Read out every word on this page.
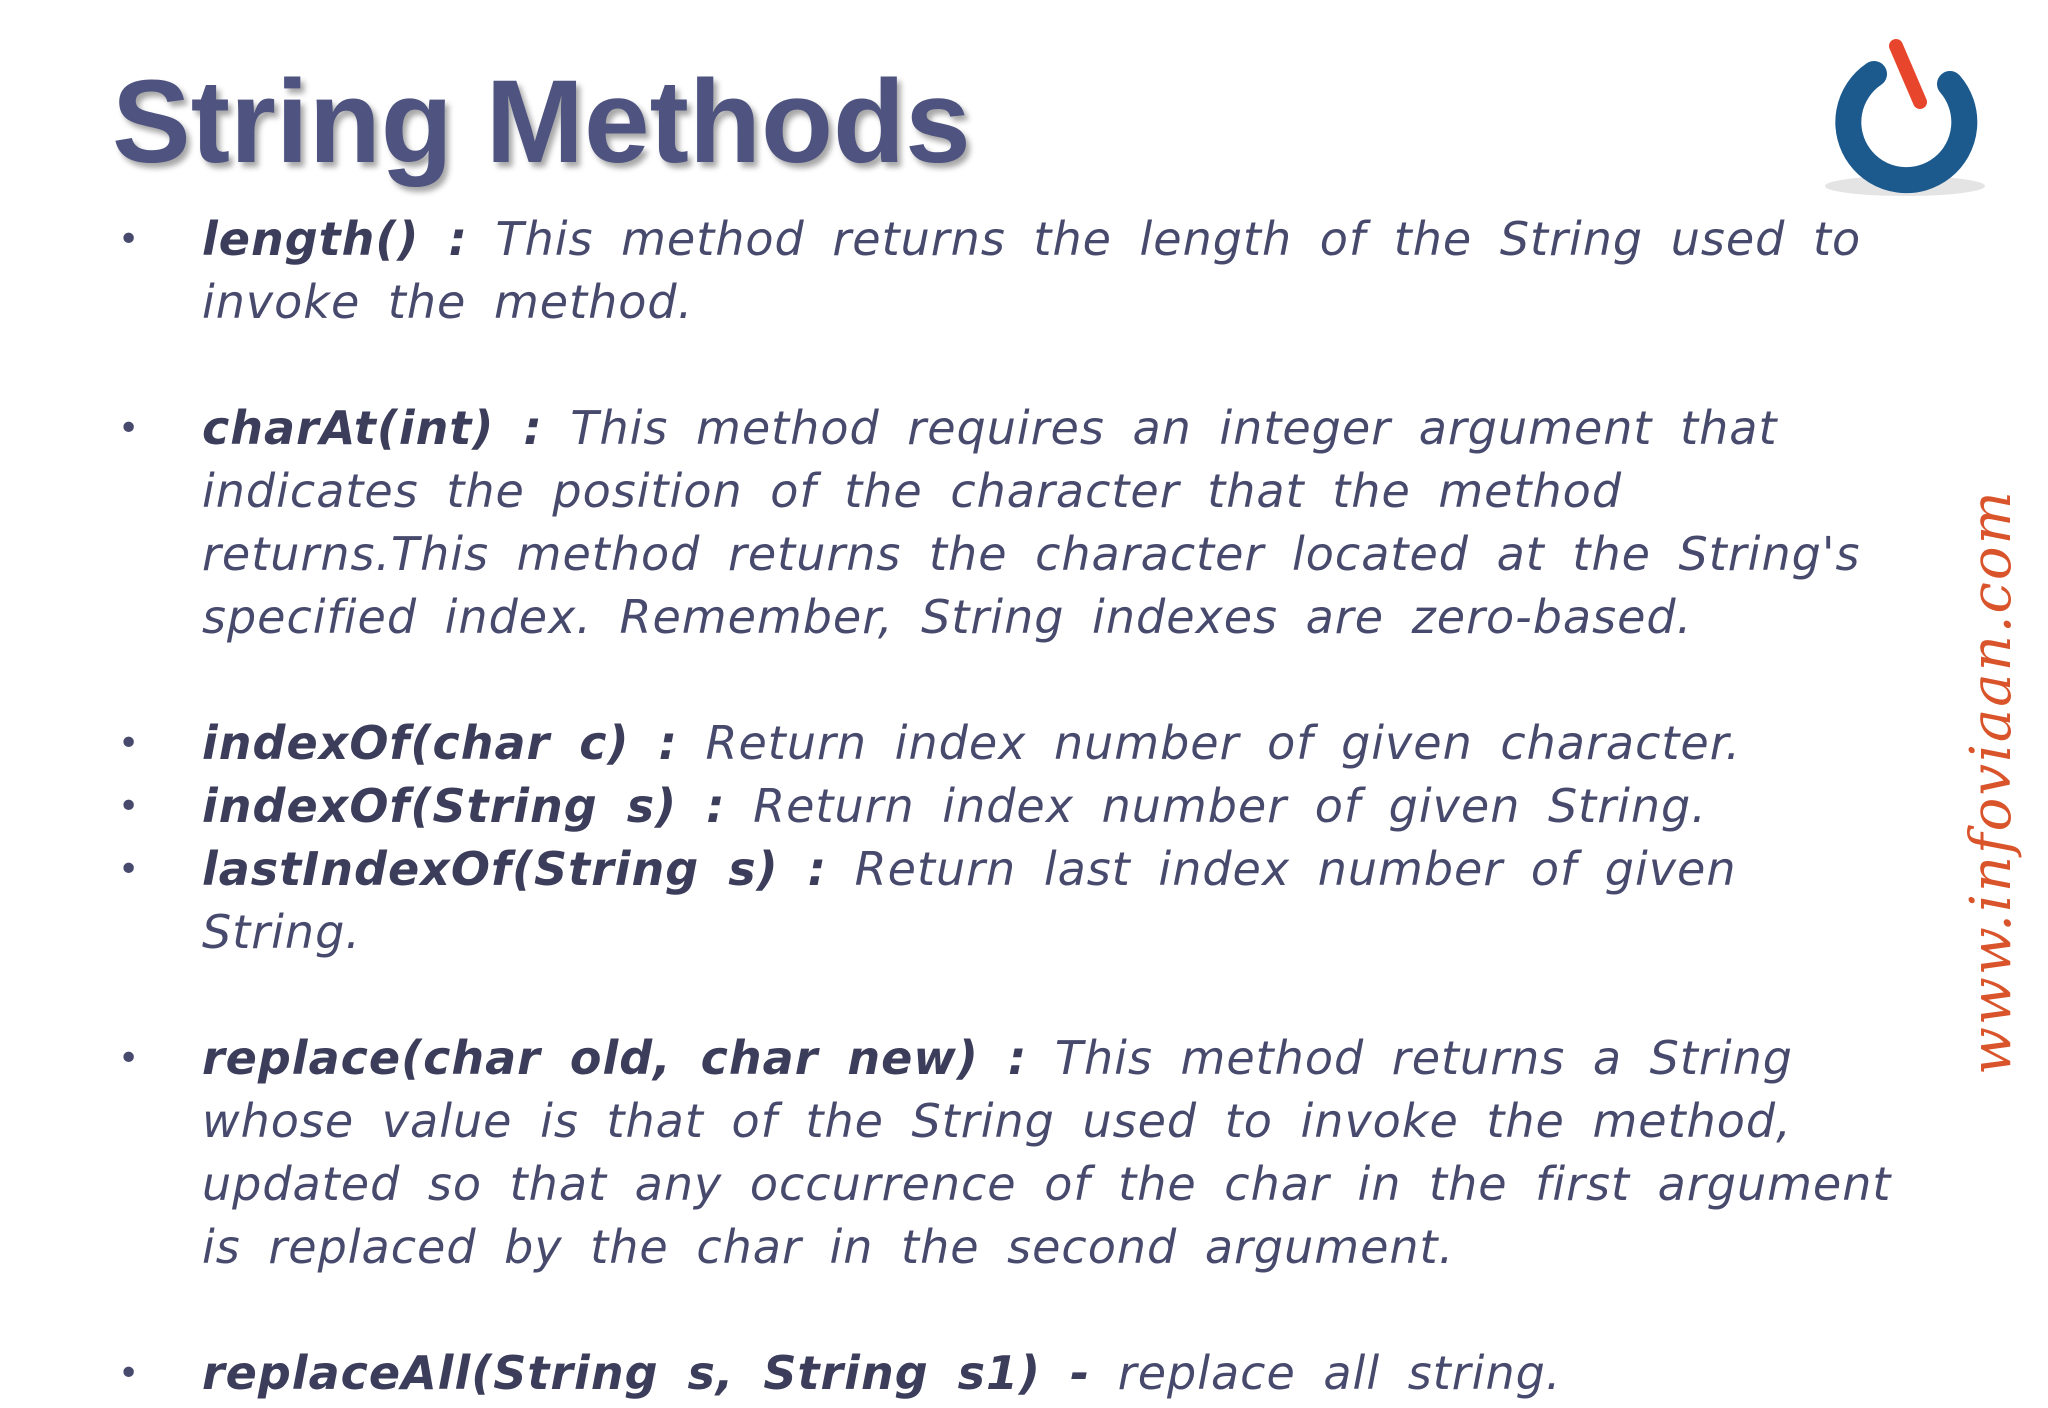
String Methods
www.infoviaan.com
• length() : This method returns the length of the String used to invoke the method.
• charAt(int) : This method requires an integer argument that indicates the position of the character that the method returns.This method returns the character located at the String's specified index. Remember, String indexes are zero-based.
• indexOf(char c) : Return index number of given character.
• indexOf(String s) : Return index number of given String.
• lastIndexOf(String s) : Return last index number of given String.
• replace(char old, char new) : This method returns a String whose value is that of the String used to invoke the method, updated so that any occurrence of the char in the first argument is replaced by the char in the second argument.
• replaceAll(String s, String s1) - replace all string.
